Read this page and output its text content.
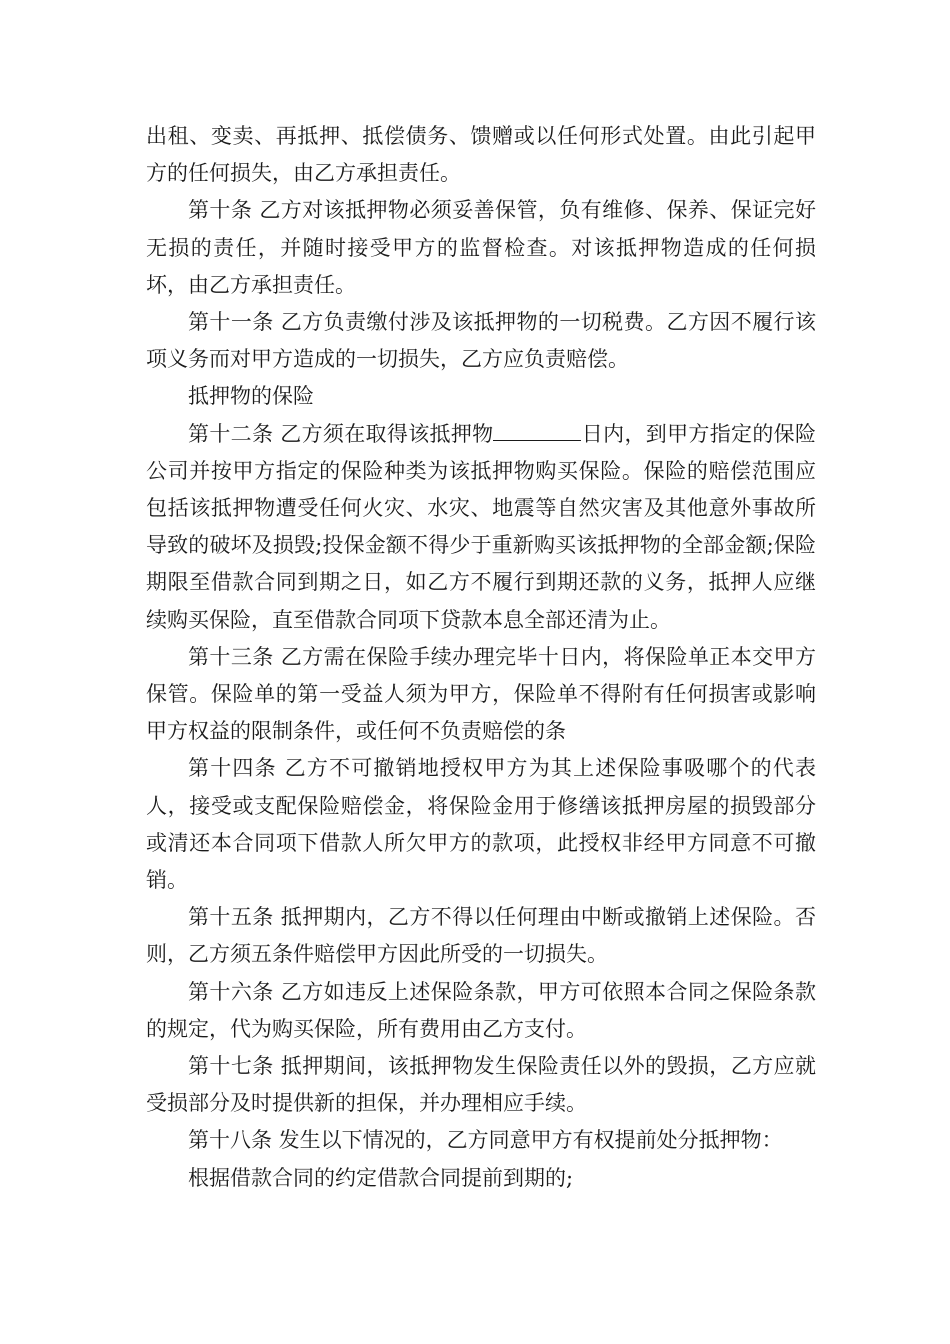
出租、变卖、再抵押、抵偿债务、馈赠或以任何形式处置。由此引起甲方的任何损失，由乙方承担责任。

第十条 乙方对该抵押物必须妥善保管，负有维修、保养、保证完好无损的责任，并随时接受甲方的监督检查。对该抵押物造成的任何损坏，由乙方承担责任。

第十一条 乙方负责缴付涉及该抵押物的一切税费。乙方因不履行该项义务而对甲方造成的一切损失，乙方应负责赔偿。

抵押物的保险

第十二条 乙方须在取得该抵押物	日内，到甲方指定的保险公司并按甲方指定的保险种类为该抵押物购买保险。保险的赔偿范围应包括该抵押物遭受任何火灾、水灾、地震等自然灾害及其他意外事故所导致的破坏及损毁;投保金额不得少于重新购买该抵押物的全部金额;保险期限至借款合同到期之日，如乙方不履行到期还款的义务，抵押人应继续购买保险，直至借款合同项下贷款本息全部还清为止。

第十三条 乙方需在保险手续办理完毕十日内，将保险单正本交甲方保管。保险单的第一受益人须为甲方，保险单不得附有任何损害或影响甲方权益的限制条件，或任何不负责赔偿的条

第十四条 乙方不可撤销地授权甲方为其上述保险事吸哪个的代表人，接受或支配保险赔偿金，将保险金用于修缮该抵押房屋的损毁部分或清还本合同项下借款人所欠甲方的款项，此授权非经甲方同意不可撤销。

第十五条 抵押期内，乙方不得以任何理由中断或撤销上述保险。否则，乙方须五条件赔偿甲方因此所受的一切损失。

第十六条 乙方如违反上述保险条款，甲方可依照本合同之保险条款的规定，代为购买保险，所有费用由乙方支付。

第十七条 抵押期间，该抵押物发生保险责任以外的毁损，乙方应就受损部分及时提供新的担保，并办理相应手续。

第十八条 发生以下情况的，乙方同意甲方有权提前处分抵押物：

根据借款合同的约定借款合同提前到期的;
